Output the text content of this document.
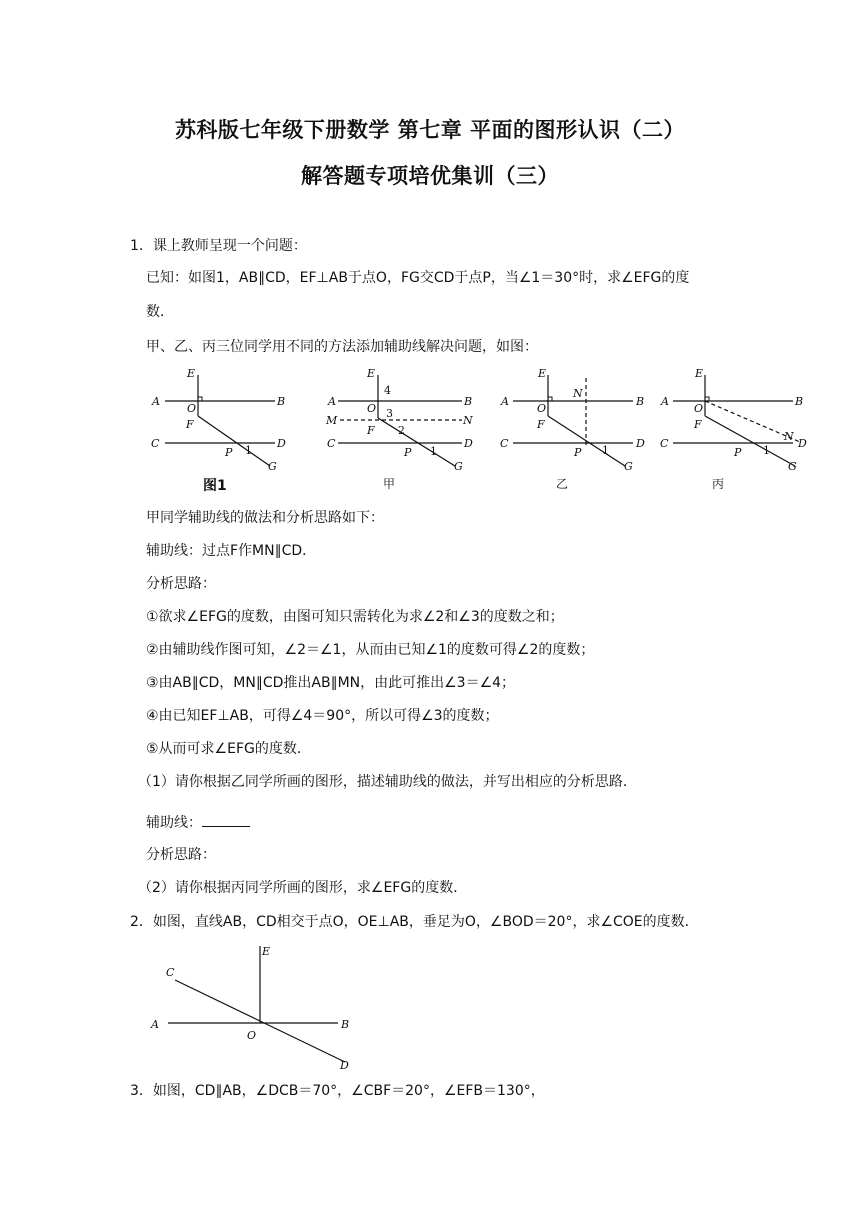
苏科版七年级下册数学 第七章 平面的图形认识（二）
解答题专项培优集训（三）
1．课上教师呈现一个问题：
已知：如图1，AB∥CD，EF⊥AB于点O，FG交CD于点P，当∠1＝30°时，求∠EFG的度
数．
甲、乙、丙三位同学用不同的方法添加辅助线解决问题，如图：
E
A	B
O
F
C	D
P
G
1
图1
E
A	B
O
F
M	N
C	D
P
G
4
3
2
1
甲
E
A	B
O
F
N
C	D
P
G
1
乙
E
A	B
O
F
N
C	D
P
G
1
丙
甲同学辅助线的做法和分析思路如下：
辅助线：过点F作MN∥CD．
分析思路：
①欲求∠EFG的度数，由图可知只需转化为求∠2和∠3的度数之和；
②由辅助线作图可知，∠2＝∠1，从而由已知∠1的度数可得∠2的度数；
③由AB∥CD，MN∥CD推出AB∥MN，由此可推出∠3＝∠4；
④由已知EF⊥AB，可得∠4＝90°，所以可得∠3的度数；
⑤从而可求∠EFG的度数．
（1）请你根据乙同学所画的图形，描述辅助线的做法，并写出相应的分析思路．
辅助线：
分析思路：
（2）请你根据丙同学所画的图形，求∠EFG的度数．
2．如图，直线AB，CD相交于点O，OE⊥AB，垂足为O，∠BOD＝20°，求∠COE的度数．
E
C
A
O
B
D
3．如图，CD∥AB，∠DCB＝70°，∠CBF＝20°，∠EFB＝130°，
